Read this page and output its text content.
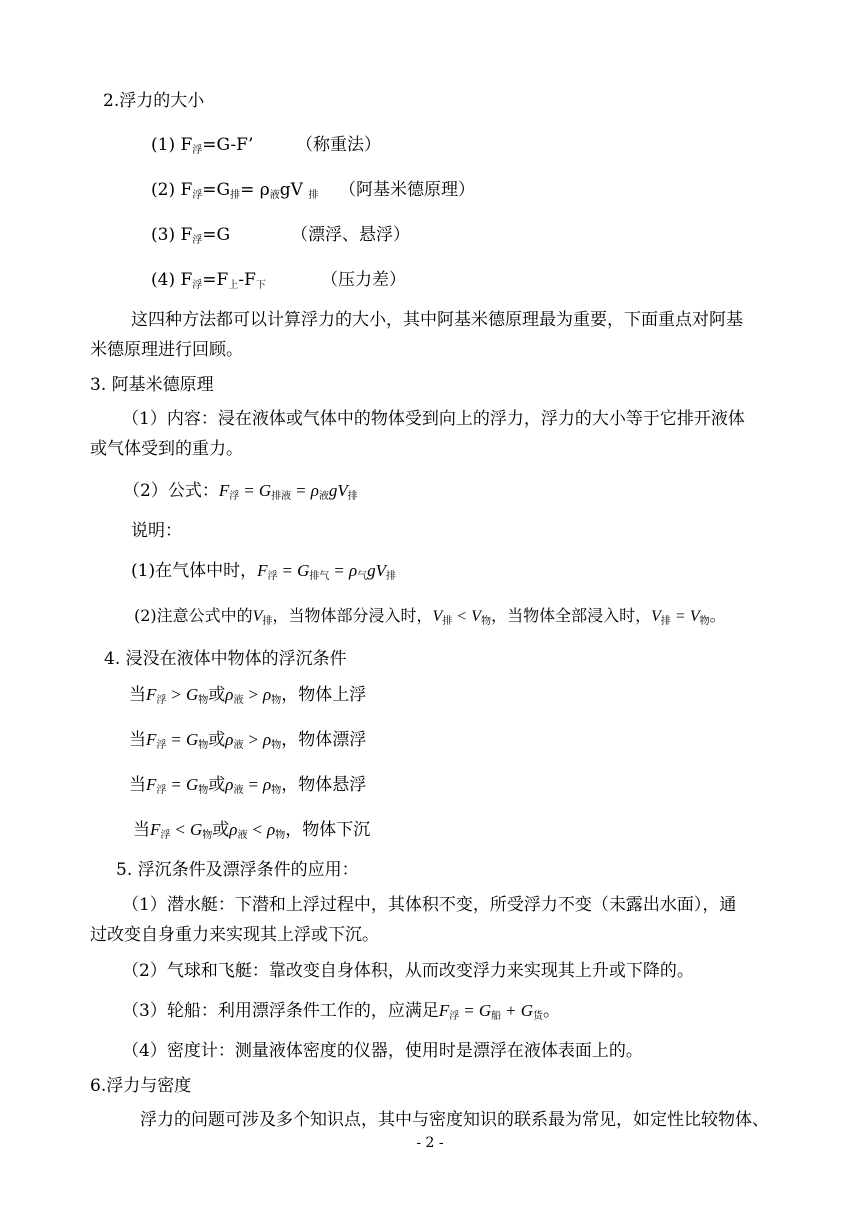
2.浮力的大小
(1) F浮=G-F’	（称重法）
(2) F浮=G排= ρ液gV 排 （阿基米德原理）
(3) F浮=G	（漂浮、悬浮）
(4) F浮=F上-F下	（压力差）
这四种方法都可以计算浮力的大小，其中阿基米德原理最为重要，下面重点对阿基
米德原理进行回顾。
3. 阿基米德原理
（1）内容：浸在液体或气体中的物体受到向上的浮力，浮力的大小等于它排开液体
或气体受到的重力。
（2）公式：F浮 = G排液 = ρ液gV排
说明：
(1)在气体中时，F浮 = G排气 = ρ气gV排
(2)注意公式中的V排，当物体部分浸入时，V排 < V物，当物体全部浸入时，V排 = V物。
4. 浸没在液体中物体的浮沉条件
当F浮 > G物或ρ液 > ρ物，物体上浮
当F浮 = G物或ρ液 > ρ物，物体漂浮
当F浮 = G物或ρ液 = ρ物，物体悬浮
当F浮 < G物或ρ液 < ρ物，物体下沉
5. 浮沉条件及漂浮条件的应用：
（1）潜水艇：下潜和上浮过程中，其体积不变，所受浮力不变（未露出水面），通
过改变自身重力来实现其上浮或下沉。
（2）气球和飞艇：靠改变自身体积，从而改变浮力来实现其上升或下降的。
（3）轮船：利用漂浮条件工作的，应满足F浮 = G船 + G货。
（4）密度计：测量液体密度的仪器，使用时是漂浮在液体表面上的。
6.浮力与密度
浮力的问题可涉及多个知识点，其中与密度知识的联系最为常见，如定性比较物体、
- 2 -
